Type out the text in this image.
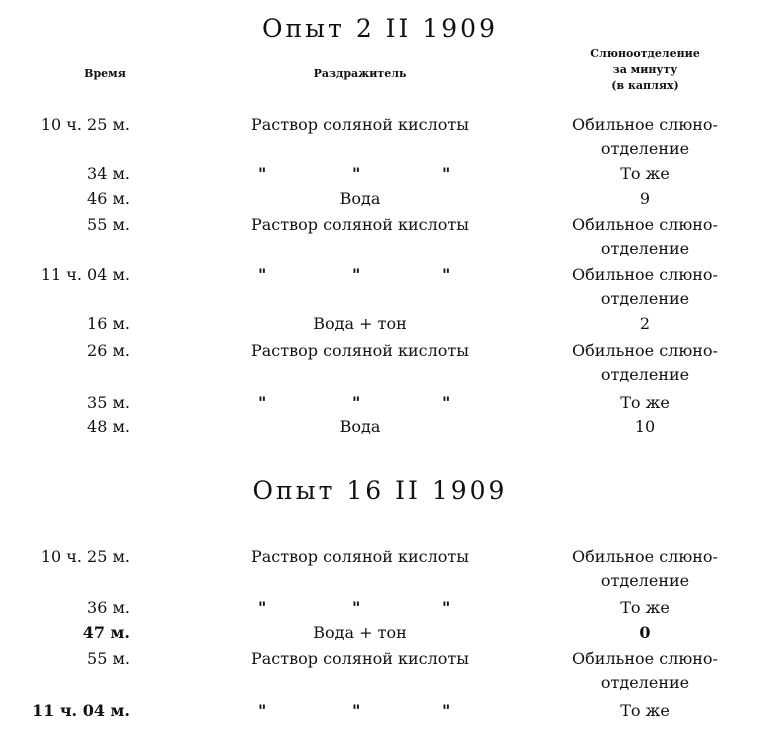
Опыт 2 II 1909
Время	Раздражитель
Слюноотделение
за минуту
(в каплях)
10 ч. 25 м.	Раствор соляной кислоты	Обильное слюно-
отделение
34 м.	"	"	"	То же
46 м.	Вода	9
55 м.	Раствор соляной кислоты	Обильное слюно-
отделение
11 ч. 04 м.	"	"	"	Обильное слюно-
отделение
16 м.	Вода + тон	2
26 м.	Раствор соляной кислоты	Обильное слюно-
отделение
35 м.	"	"	"	То же
48 м.	Вода	10
Опыт 16 II 1909
10 ч. 25 м.	Раствор соляной кислоты	Обильное слюно-
отделение
36 м.	"	"	"	То же
47 м.	Вода + тон	0
55 м.	Раствор соляной кислоты	Обильное слюно-
отделение
11 ч. 04 м.	"	"	"	То же
